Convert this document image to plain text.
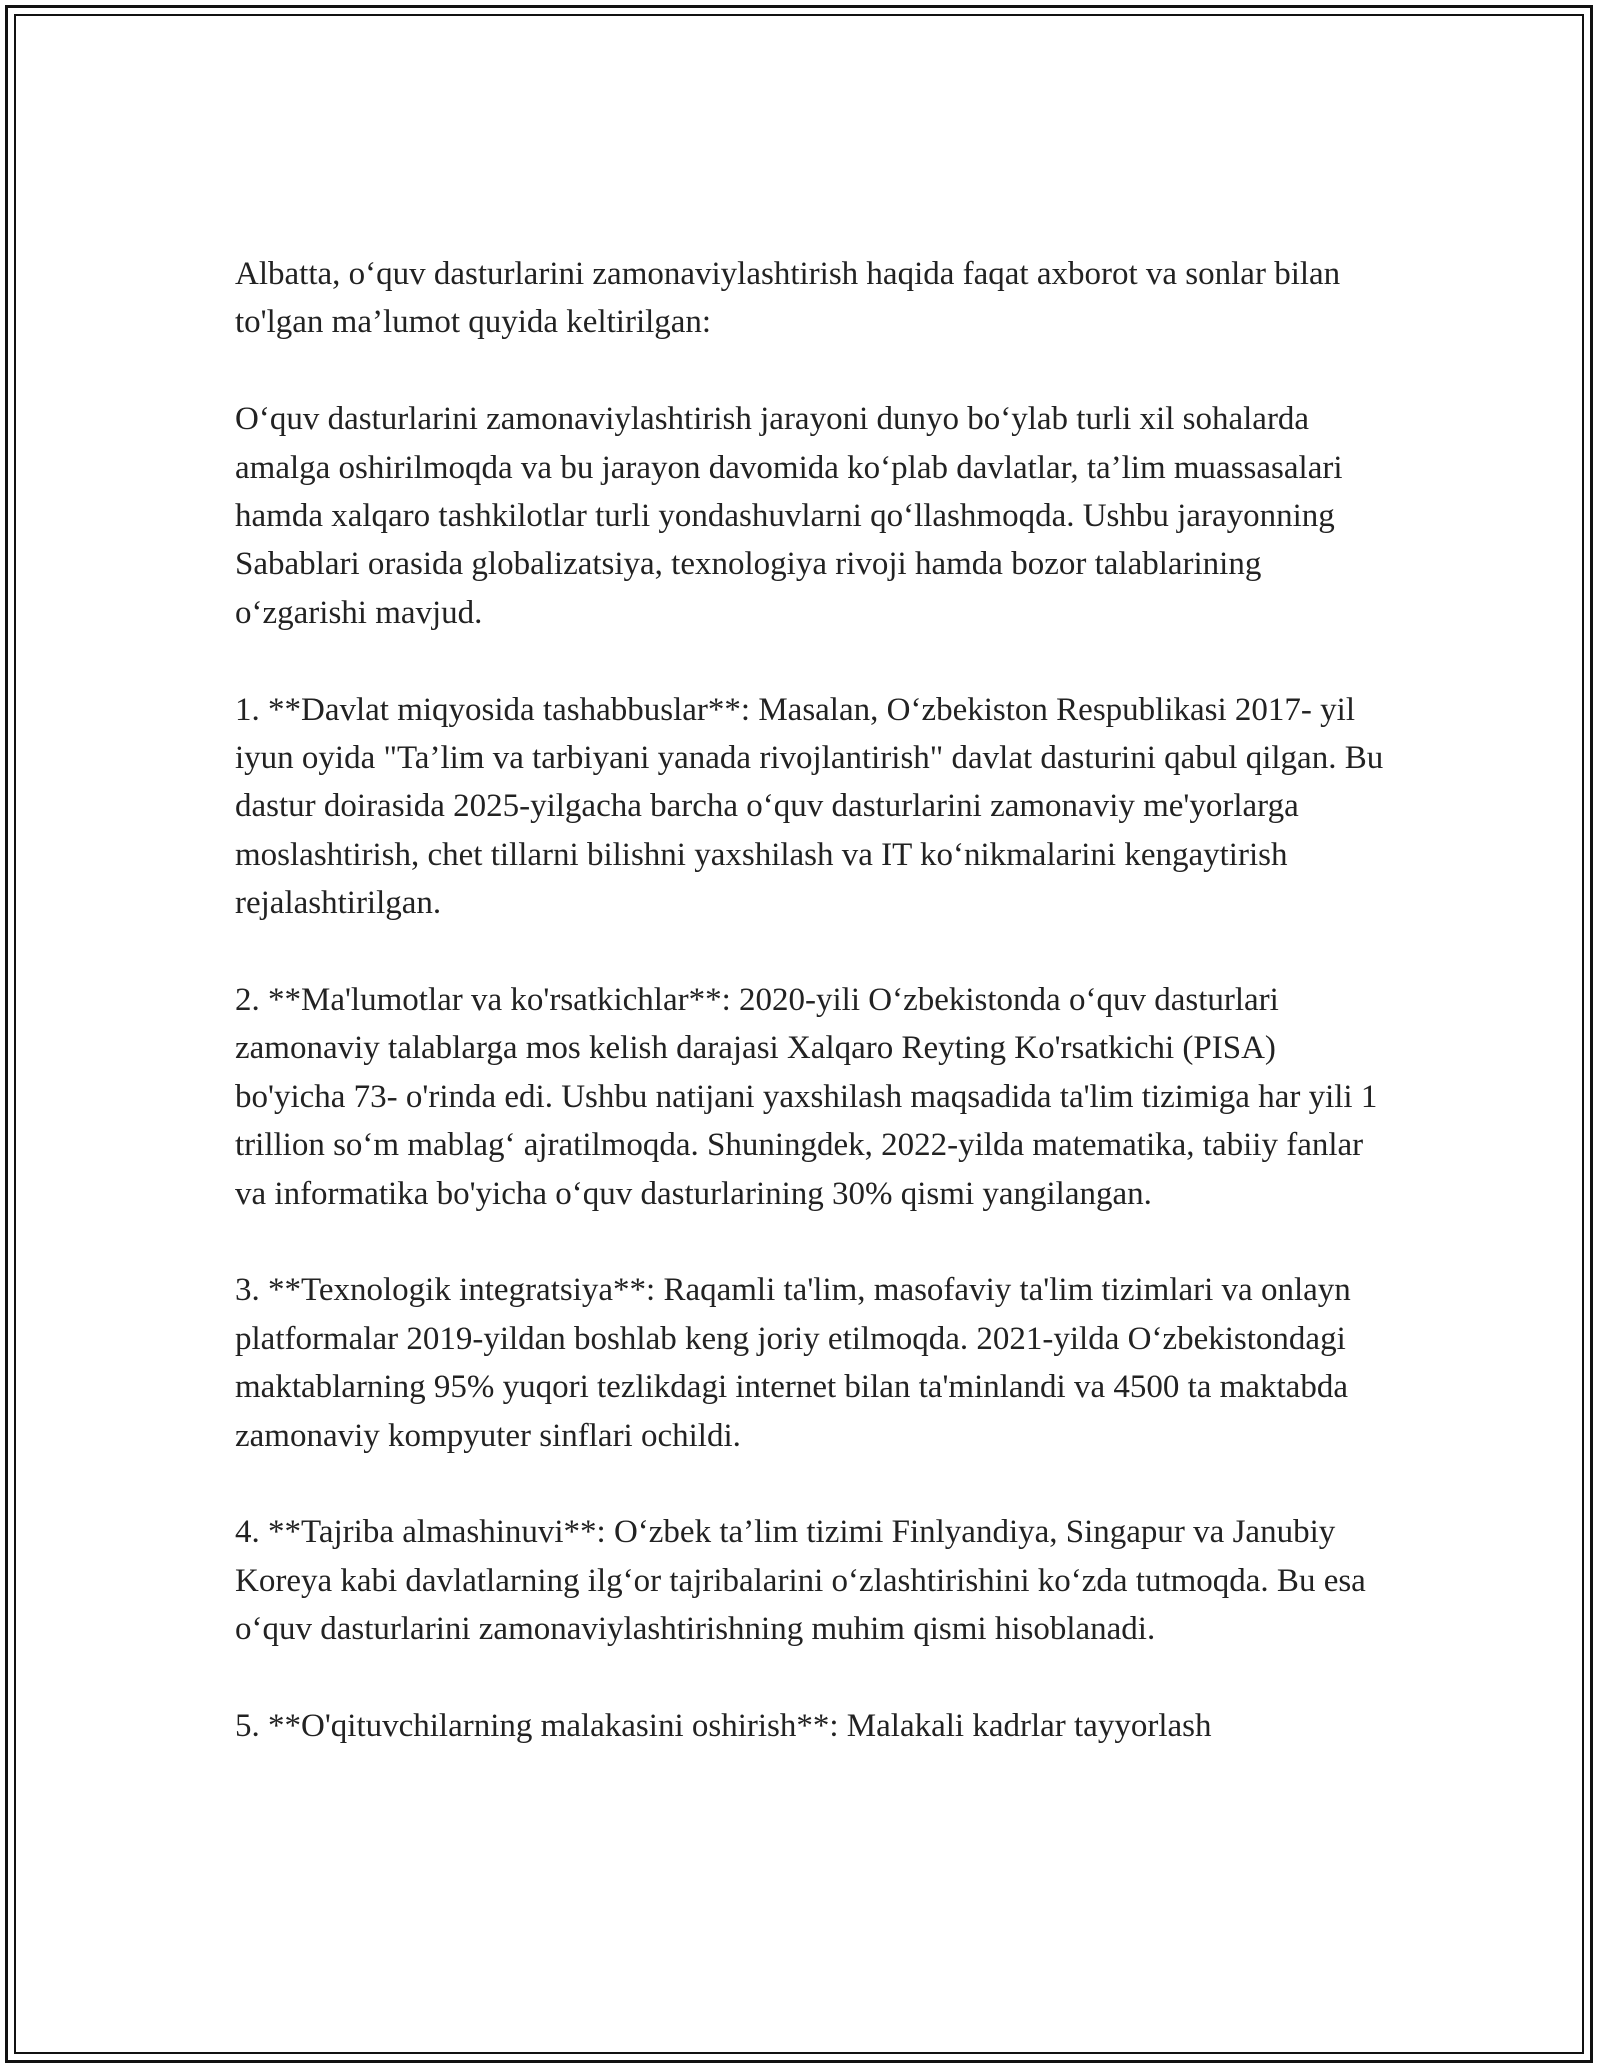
Albatta, o‘quv dasturlarini zamonaviylashtirish haqida faqat axborot va sonlar bilan to'lgan ma’lumot quyida keltirilgan:

O‘quv dasturlarini zamonaviylashtirish jarayoni dunyo bo‘ylab turli xil sohalarda amalga oshirilmoqda va bu jarayon davomida ko‘plab davlatlar, ta’lim muassasalari hamda xalqaro tashkilotlar turli yondashuvlarni qo‘llashmoqda. Ushbu jarayonning Sabablari orasida globalizatsiya, texnologiya rivoji hamda bozor talablarining o‘zgarishi mavjud.

1. **Davlat miqyosida tashabbuslar**: Masalan, O‘zbekiston Respublikasi 2017- yil iyun oyida "Ta’lim va tarbiyani yanada rivojlantirish" davlat dasturini qabul qilgan. Bu dastur doirasida 2025-yilgacha barcha o‘quv dasturlarini zamonaviy me'yorlarga moslashtirish, chet tillarni bilishni yaxshilash va IT ko‘nikmalarini kengaytirish rejalashtirilgan.

2. **Ma'lumotlar va ko'rsatkichlar**: 2020-yili O‘zbekistonda o‘quv dasturlari zamonaviy talablarga mos kelish darajasi Xalqaro Reyting Ko'rsatkichi (PISA) bo'yicha 73- o'rinda edi. Ushbu natijani yaxshilash maqsadida ta'lim tizimiga har yili 1 trillion so‘m mablag‘ ajratilmoqda. Shuningdek, 2022-yilda matematika, tabiiy fanlar va informatika bo'yicha o‘quv dasturlarining 30% qismi yangilangan.

3. **Texnologik integratsiya**: Raqamli ta'lim, masofaviy ta'lim tizimlari va onlayn platformalar 2019-yildan boshlab keng joriy etilmoqda. 2021-yilda O‘zbekistondagi maktablarning 95% yuqori tezlikdagi internet bilan ta'minlandi va 4500 ta maktabda zamonaviy kompyuter sinflari ochildi.

4. **Tajriba almashinuvi**: O‘zbek ta’lim tizimi Finlyandiya, Singapur va Janubiy Koreya kabi davlatlarning ilg‘or tajribalarini o‘zlashtirishini ko‘zda tutmoqda. Bu esa o‘quv dasturlarini zamonaviylashtirishning muhim qismi hisoblanadi.

5. **O'qituvchilarning malakasini oshirish**: Malakali kadrlar tayyorlash
